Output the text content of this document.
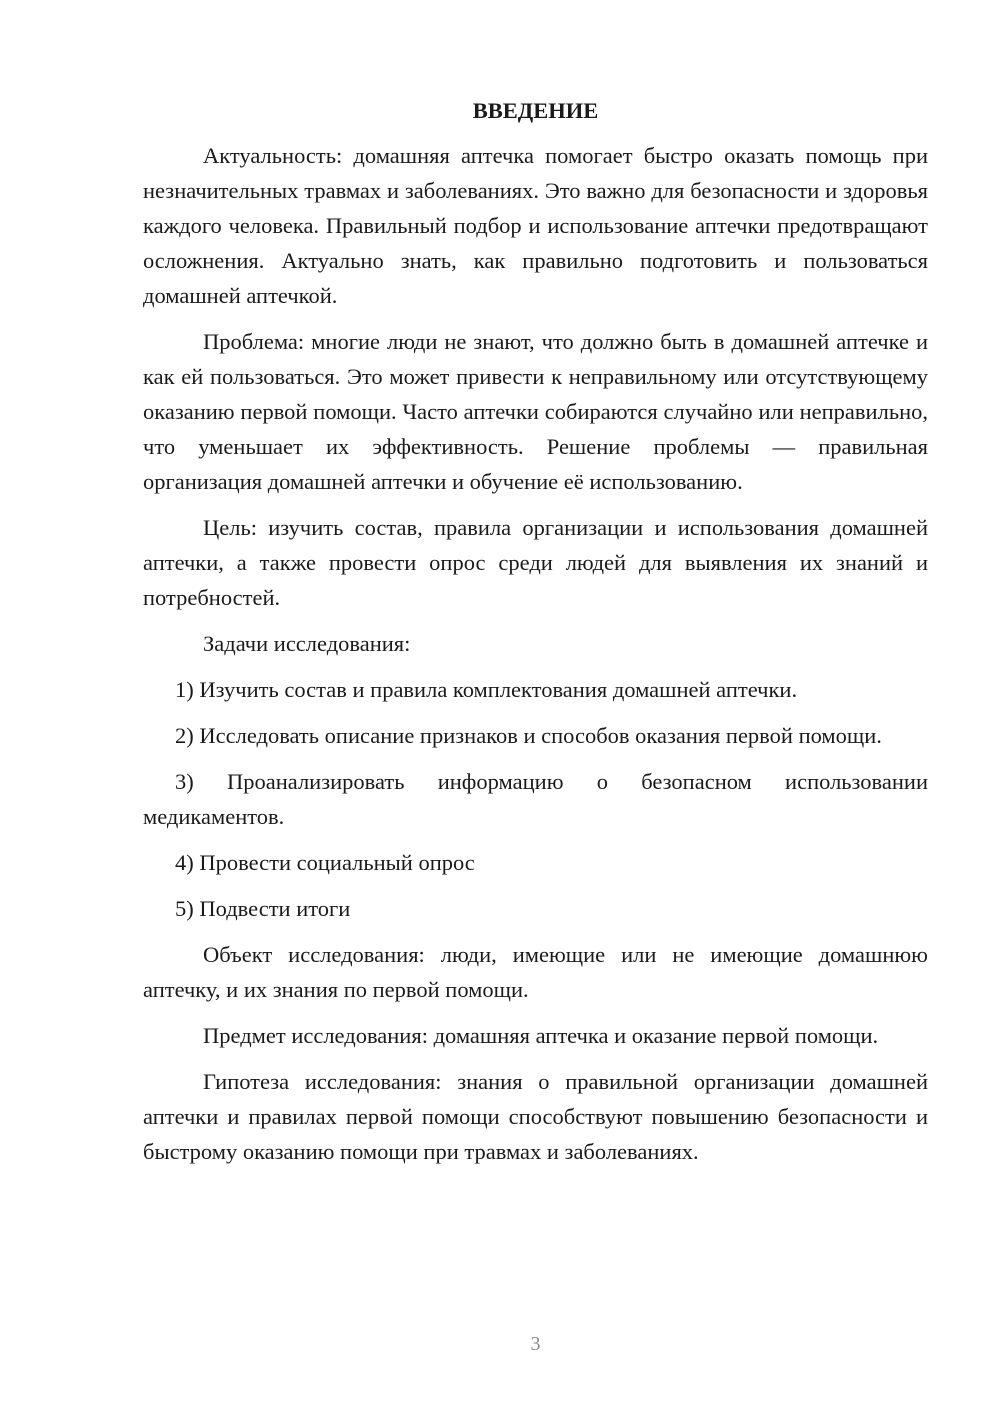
ВВЕДЕНИЕ

Актуальность: домашняя аптечка помогает быстро оказать помощь при незначительных травмах и заболеваниях. Это важно для безопасности и здоровья каждого человека. Правильный подбор и использование аптечки предотвращают осложнения. Актуально знать, как правильно подготовить и пользоваться домашней аптечкой.

Проблема: многие люди не знают, что должно быть в домашней аптечке и как ей пользоваться. Это может привести к неправильному или отсутствующему оказанию первой помощи. Часто аптечки собираются случайно или неправильно, что уменьшает их эффективность. Решение проблемы — правильная организация домашней аптечки и обучение её использованию.

Цель: изучить состав, правила организации и использования домашней аптечки, а также провести опрос среди людей для выявления их знаний и потребностей.

Задачи исследования:

1) Изучить состав и правила комплектования домашней аптечки.

2) Исследовать описание признаков и способов оказания первой помощи.

3) Проанализировать информацию о безопасном использовании медикаментов.

4) Провести социальный опрос

5) Подвести итоги

Объект исследования: люди, имеющие или не имеющие домашнюю аптечку, и их знания по первой помощи.

Предмет исследования: домашняя аптечка и оказание первой помощи.

Гипотеза исследования: знания о правильной организации домашней аптечки и правилах первой помощи способствуют повышению безопасности и быстрому оказанию помощи при травмах и заболеваниях.

3
